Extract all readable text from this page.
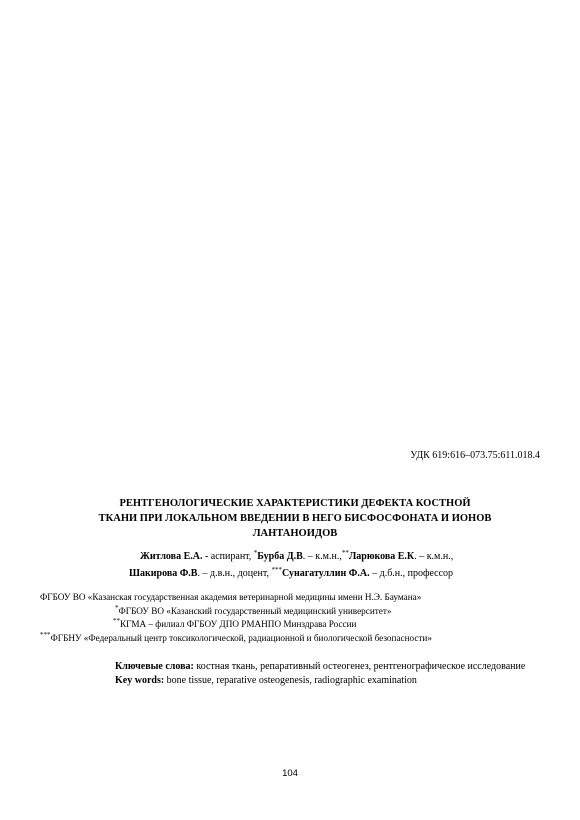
УДК 619:616–073.75:611.018.4
РЕНТГЕНОЛОГИЧЕСКИЕ ХАРАКТЕРИСТИКИ ДЕФЕКТА КОСТНОЙ
ТКАНИ ПРИ ЛОКАЛЬНОМ ВВЕДЕНИИ В НЕГО БИСФОСФОНАТА И ИОНОВ
ЛАНТАНОИДОВ
Житлова Е.А. - аспирант, *Бурба Д.В. – к.м.н.,**Ларюкова Е.К. – к.м.н.,
Шакирова Ф.В. – д.в.н., доцент, ***Сунагатуллин Ф.А. – д.б.н., профессор
ФГБОУ ВО «Казанская государственная академия ветеринарной медицины имени Н.Э. Баумана»
*ФГБОУ ВО «Казанский государственный медицинский университет»
**КГМА – филиал ФГБОУ ДПО РМАНПО Минздрава России
***ФГБНУ «Федеральный центр токсикологической, радиационной и биологической безопасности»

Ключевые слова: костная ткань, репаративный остеогенез, рентгенографическое исследование

Key words: bone tissue, reparative osteogenesis, radiographic examination

104
